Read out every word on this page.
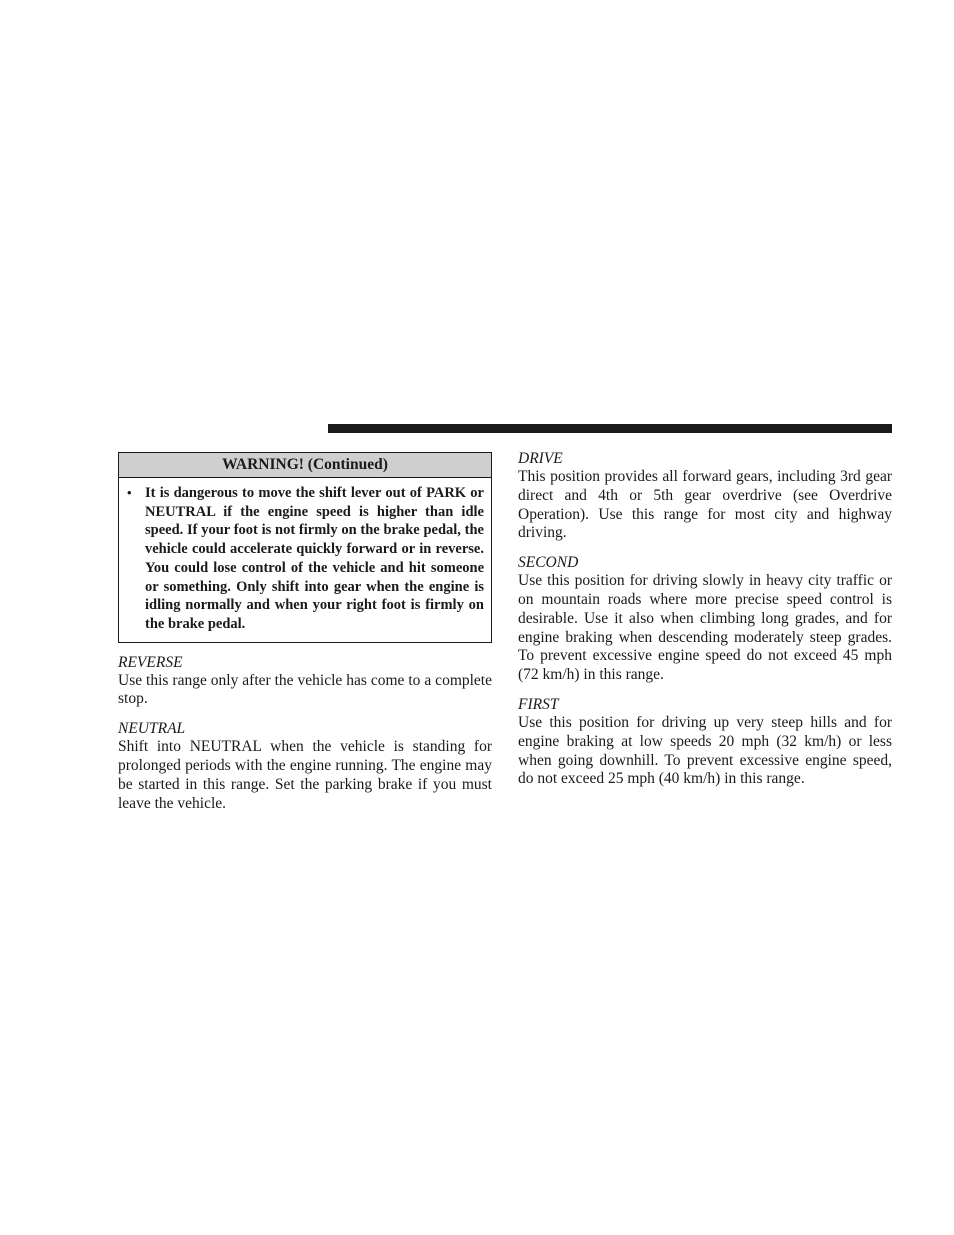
WARNING! (Continued)
• It is dangerous to move the shift lever out of PARK or NEUTRAL if the engine speed is higher than idle speed. If your foot is not firmly on the brake pedal, the vehicle could accelerate quickly forward or in reverse. You could lose control of the vehicle and hit someone or something. Only shift into gear when the engine is idling normally and when your right foot is firmly on the brake pedal.

REVERSE

Use this range only after the vehicle has come to a complete stop.

NEUTRAL

Shift into NEUTRAL when the vehicle is standing for prolonged periods with the engine running. The engine may be started in this range. Set the parking brake if you must leave the vehicle.

DRIVE

This position provides all forward gears, including 3rd gear direct and 4th or 5th gear overdrive (see Overdrive Operation). Use this range for most city and highway driving.

SECOND

Use this position for driving slowly in heavy city traffic or on mountain roads where more precise speed control is desirable. Use it also when climbing long grades, and for engine braking when descending moderately steep grades. To prevent excessive engine speed do not exceed 45 mph (72 km/h) in this range.

FIRST

Use this position for driving up very steep hills and for engine braking at low speeds 20 mph (32 km/h) or less when going downhill. To prevent excessive engine speed, do not exceed 25 mph (40 km/h) in this range.
